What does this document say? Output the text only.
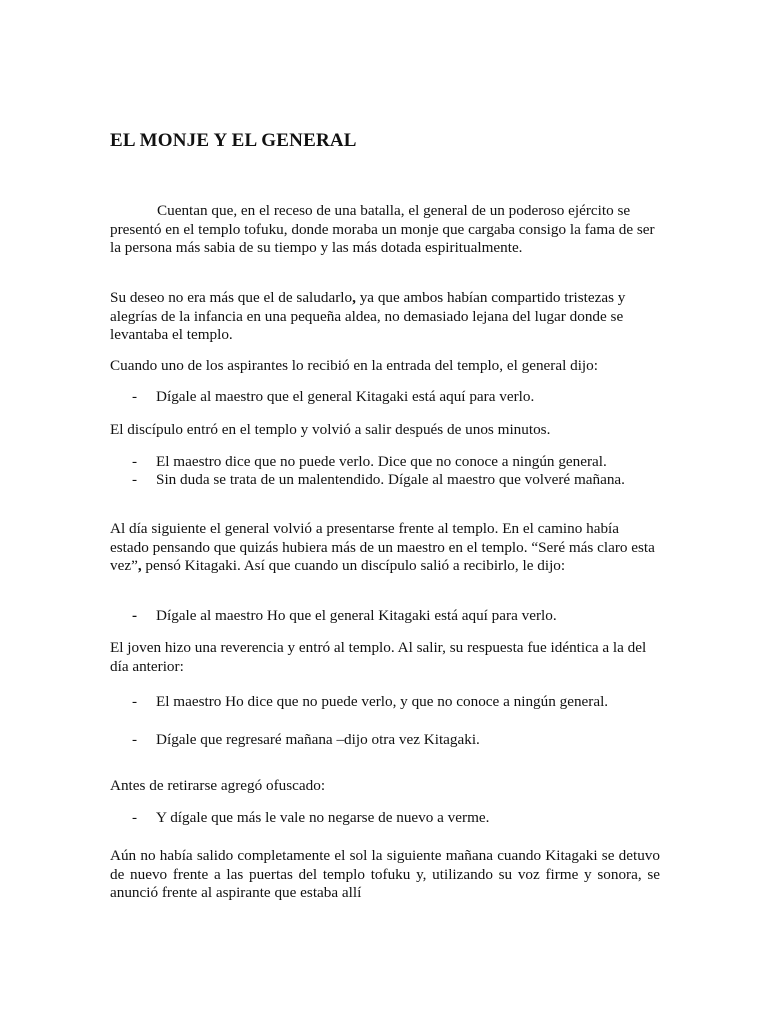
EL MONJE Y EL GENERAL

Cuentan que, en el receso de una batalla, el general de un poderoso ejército se presentó en el templo tofuku, donde moraba un monje que cargaba consigo la fama de ser la persona más sabia de su tiempo y las más dotada espiritualmente.

Su deseo no era más que el de saludarlo, ya que ambos habían compartido tristezas y alegrías de la infancia en una pequeña aldea, no demasiado lejana del lugar donde se levantaba el templo.

Cuando uno de los aspirantes lo recibió en la entrada del templo, el general dijo:

- Dígale al maestro que el general Kitagaki está aquí para verlo.

El discípulo entró en el templo y volvió a salir después de unos minutos.

- El maestro dice que no puede verlo. Dice que no conoce a ningún general.
- Sin duda se trata de un malentendido. Dígale al maestro que volveré mañana.

Al día siguiente el general volvió a presentarse frente al templo. En el camino había estado pensando que quizás hubiera más de un maestro en el templo. “Seré más claro esta vez”, pensó Kitagaki. Así que cuando un discípulo salió a recibirlo, le dijo:

- Dígale al maestro Ho que el general Kitagaki está aquí para verlo.

El joven hizo una reverencia y entró al templo. Al salir, su respuesta fue idéntica a la del día anterior:

- El maestro Ho dice que no puede verlo, y que no conoce a ningún general.
- Dígale que regresaré mañana –dijo otra vez Kitagaki.

Antes de retirarse agregó ofuscado:

- Y dígale que más le vale no negarse de nuevo a verme.

Aún no había salido completamente el sol la siguiente mañana cuando Kitagaki se detuvo de nuevo frente a las puertas del templo tofuku y, utilizando su voz firme y sonora, se anunció frente al aspirante que estaba allí
